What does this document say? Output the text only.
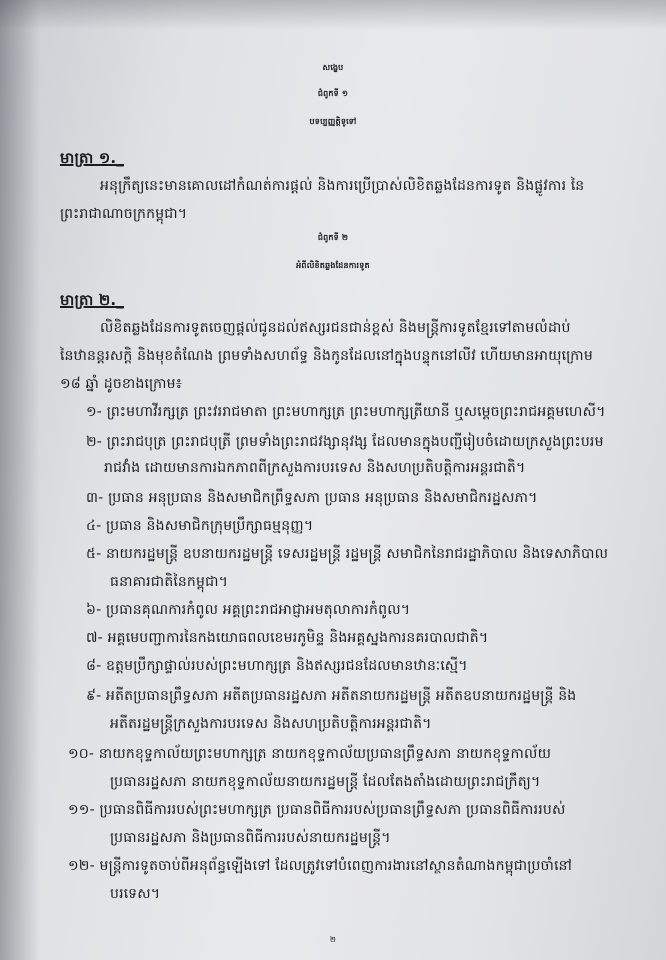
សង្ខេប
ជំពូកទី ១
បទប្បញ្ញត្តិទូទៅ
មាត្រា ១._
អនុក្រឹត្យនេះមានគោលដៅកំណត់ការផ្តល់ និងការប្រើប្រាស់លិខិតឆ្លងដែនការទូត និងផ្លូវការ នៃ
ព្រះរាជាណាចក្រកម្ពុជា។
ជំពូកទី ២
អំពីលិខិតឆ្លងដែនការទូត
មាត្រា ២._
លិខិតឆ្លងដែនការទូតចេញផ្តល់ជូនដល់ឥស្សរជនជាន់ខ្ពស់ និងមន្ត្រីការទូតខ្មែរទៅតាមលំដាប់
នៃឋានន្តរសក្តិ និងមុខតំណែង ព្រមទាំងសហព័ទ្ធ និងកូនដែលនៅក្នុងបន្ទុកនៅលីវ ហើយមានអាយុក្រោម
១៨ ឆ្នាំ ដូចខាងក្រោម៖
១- ព្រះមហាវីរក្សត្រ ព្រះវររាជមាតា ព្រះមហាក្សត្រ ព្រះមហាក្សត្រីយានី ឬសម្តេចព្រះរាជអគ្គមហេសី។
២- ព្រះរាជបុត្រ ព្រះរាជបុត្រី ព្រមទាំងព្រះរាជវង្សានុវង្ស ដែលមានក្នុងបញ្ជីរៀបចំដោយក្រសួងព្រះបរម
រាជវាំង ដោយមានការឯកភាពពីក្រសួងការបរទេស និងសហប្រតិបត្តិការអន្តរជាតិ។
៣- ប្រធាន អនុប្រធាន និងសមាជិកព្រឹទ្ធសភា ប្រធាន អនុប្រធាន និងសមាជិករដ្ឋសភា។
៤- ប្រធាន និងសមាជិកក្រុមប្រឹក្សាធម្មនុញ្ញ។
៥- នាយករដ្ឋមន្ត្រី ឧបនាយករដ្ឋមន្ត្រី ទេសរដ្ឋមន្ត្រី រដ្ឋមន្ត្រី សមាជិកនៃរាជរដ្ឋាភិបាល និងទេសាភិបាល
ធនាគារជាតិនៃកម្ពុជា។
៦- ប្រធានគុណការកំពូល អគ្គព្រះរាជអាជ្ញាអមតុលាការកំពូល។
៧- អគ្គមេបញ្ជាការនៃកងយោធពលខេមរភូមិន្ទ និងអគ្គស្នងការនគរបាលជាតិ។
៨- ឧត្តមប្រឹក្សាផ្ទាល់របស់ព្រះមហាក្សត្រ និងឥស្សរជនដែលមានឋានៈស្មើ។
៩- អតីតប្រធានព្រឹទ្ធសភា អតីតប្រធានរដ្ឋសភា អតីតនាយករដ្ឋមន្ត្រី អតីតឧបនាយករដ្ឋមន្ត្រី និង
អតីតរដ្ឋមន្ត្រីក្រសួងការបរទេស និងសហប្រតិបត្តិការអន្តរជាតិ។
១០- នាយកខុទ្ទកាល័យព្រះមហាក្សត្រ នាយកខុទ្ទកាល័យប្រធានព្រឹទ្ធសភា នាយកខុទ្ទកាល័យ
ប្រធានរដ្ឋសភា នាយកខុទ្ទកាល័យនាយករដ្ឋមន្ត្រី ដែលតែងតាំងដោយព្រះរាជក្រឹត្យ។
១១- ប្រធានពិធីការរបស់ព្រះមហាក្សត្រ ប្រធានពិធីការរបស់ប្រធានព្រឹទ្ធសភា ប្រធានពិធីការរបស់
ប្រធានរដ្ឋសភា និងប្រធានពិធីការរបស់នាយករដ្ឋមន្ត្រី។
១២- មន្ត្រីការទូតចាប់ពីអនុព័ន្ធឡើងទៅ ដែលត្រូវទៅបំពេញការងារនៅស្ថានតំណាងកម្ពុជាប្រចាំនៅ
បរទេស។
២
